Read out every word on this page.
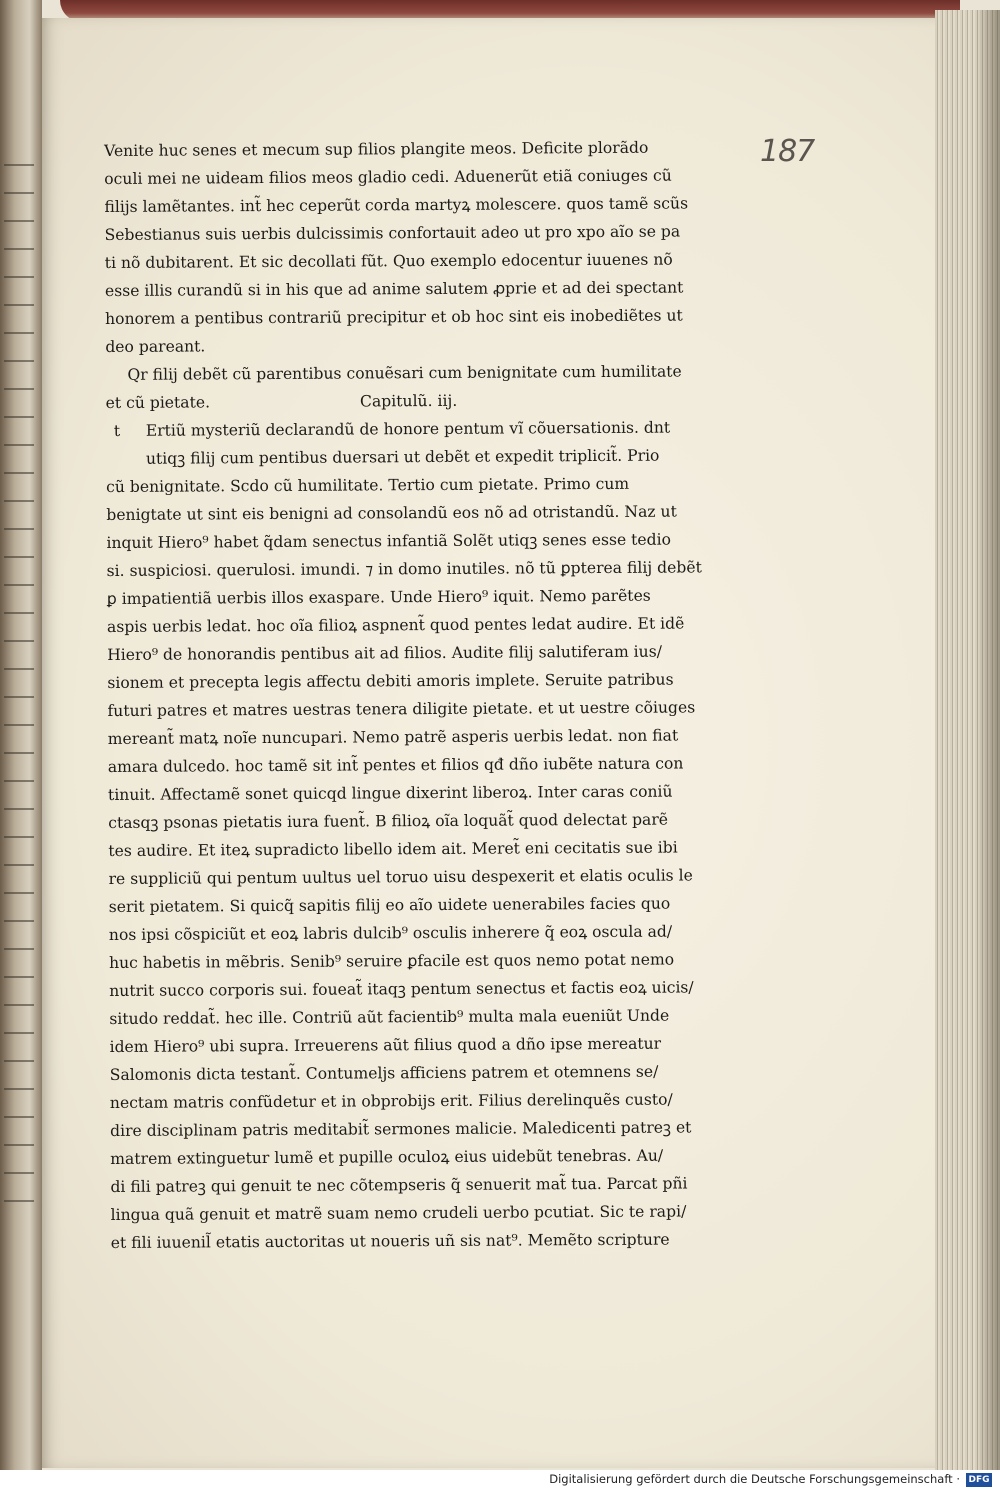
187
Venite huc senes et mecum sup filios plangite meos. Deficite plorãdo
oculi mei ne uideam filios meos gladio cedi. Aduenerũt etiã coniuges cũ
filijs lamẽtantes. int̃ hec ceperũt corda martyꝝ molescere. quos tamẽ scũs
Sebestianus suis uerbis dulcissimis confortauit adeo ut pro xpo aĩo se pa
ti nõ dubitarent. Et sic decollati fũt. Quo exemplo edocentur iuuenes nõ
esse illis curandũ si in his que ad anime salutem ꝓprie et ad dei spectant
honorem a pentibus contrariũ precipitur et ob hoc sint eis inobediẽtes ut
deo pareant.
Qr filij debẽt cũ parentibus conuẽsari cum benignitate cum humilitate
et cũ pietate.	Capitulũ. iij.
t Ertiũ mysteriũ declarandũ de honore pentum vĩ cõuersationis. dnt
utiqꝫ filij cum pentibus duersari ut debẽt et expedit triplicit̃. Prio
cũ benignitate. Scdo cũ humilitate. Tertio cum pietate. Primo cum
benigtate ut sint eis benigni ad consolandũ eos nõ ad otristandũ. Naz ut
inquit Hiero⁹ habet q̃dam senectus infantiã Solẽt utiqꝫ senes esse tedio
si. suspiciosi. querulosi. imundi. ⁊ in domo inutiles. nõ tũ ꝑpterea filij debẽt
ꝑ impatientiã uerbis illos exaspare. Unde Hiero⁹ iquit. Nemo parẽtes
aspis uerbis ledat. hoc oĩa filioꝝ aspnent̃ quod pentes ledat audire. Et idẽ
Hiero⁹ de honorandis pentibus ait ad filios. Audite filij salutiferam ius/
sionem et precepta legis affectu debiti amoris implete. Seruite patribus
futuri patres et matres uestras tenera diligite pietate. et ut uestre cõiuges
mereant̃ matꝝ noĩe nuncupari. Nemo patrẽ asperis uerbis ledat. non fiat
amara dulcedo. hoc tamẽ sit int̃ pentes et filios qđ dño iubẽte natura con
tinuit. Affectamẽ sonet quicqd lingue dixerint liberoꝝ. Inter caras coniũ
ctasqꝫ psonas pietatis iura fuent̃. B filioꝝ oĩa loquãt̃ quod delectat parẽ
tes audire. Et iteꝝ supradicto libello idem ait. Meret̃ eni cecitatis sue ibi
re suppliciũ qui pentum uultus uel toruo uisu despexerit et elatis oculis le
serit pietatem. Si quicq̃ sapitis filij eo aĩo uidete uenerabiles facies quo
nos ipsi cõspiciũt et eoꝝ labris dulcib⁹ osculis inherere q̃ eoꝝ oscula ad/
huc habetis in mẽbris. Senib⁹ seruire ꝑfacile est quos nemo potat nemo
nutrit succo corporis sui. foueat̃ itaqꝫ pentum senectus et factis eoꝝ uicis/
situdo reddat̃. hec ille. Contriũ aũt facientib⁹ multa mala eueniũt Unde
idem Hiero⁹ ubi supra. Irreuerens aũt filius quod a dño ipse mereatur
Salomonis dicta testant̃. Contumeljs afficiens patrem et otemnens se/
nectam matris confũdetur et in obprobijs erit. Filius derelinquẽs custo/
dire disciplinam patris meditabit̃ sermones malicie. Maledicenti patreꝫ et
matrem extinguetur lumẽ et pupille oculoꝝ eius uidebũt tenebras. Au/
di fili patreꝫ qui genuit te nec cõtempseris q̃ senuerit mat̃ tua. Parcat pñi
lingua quã genuit et matrẽ suam nemo crudeli uerbo pcutiat. Sic te rapi/
et fili iuuenil̃ etatis auctoritas ut noueris uñ sis nat⁹. Memẽto scripture
Digitalisierung gefördert durch die Deutsche Forschungsgemeinschaft · DFG
